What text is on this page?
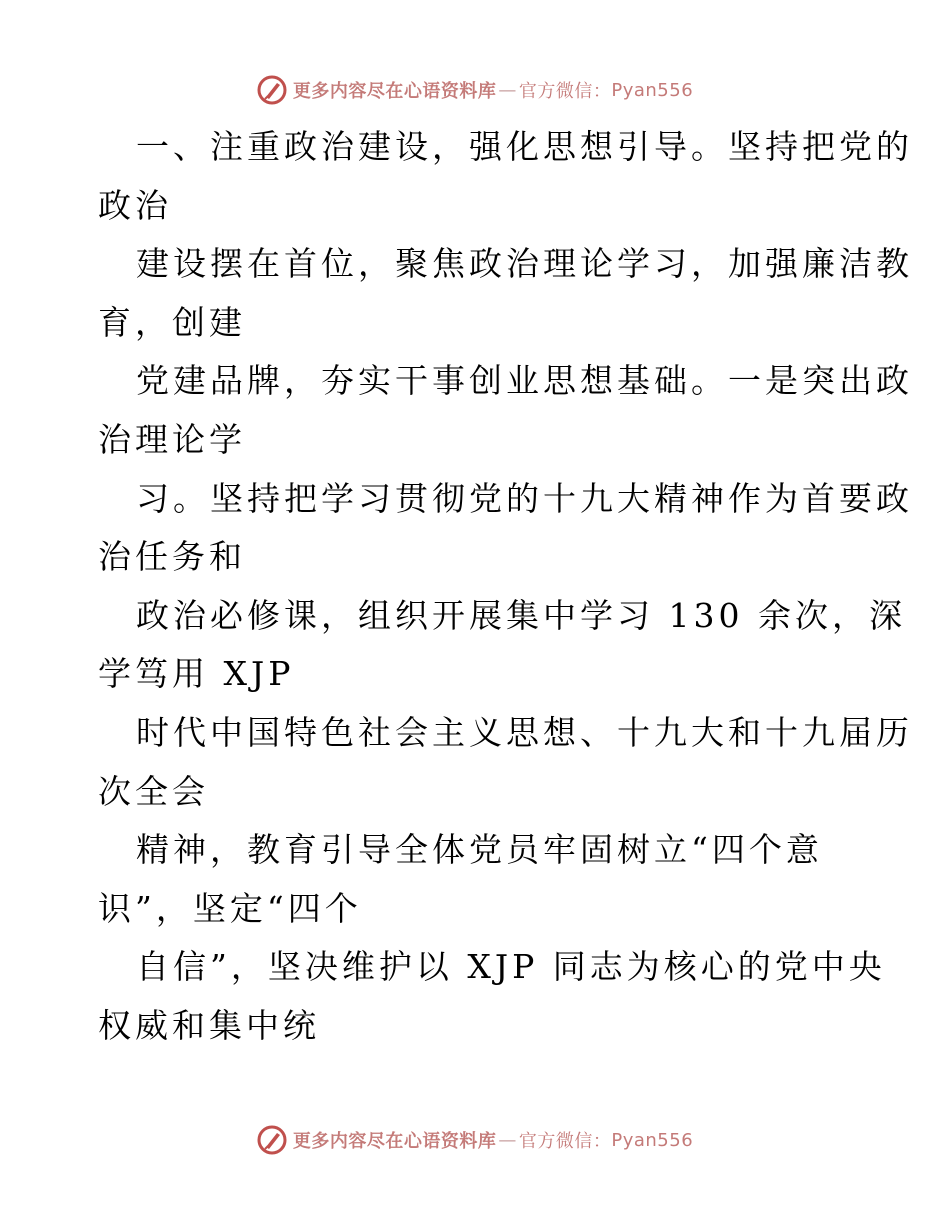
更多内容尽在心语资料库 — 官方微信： Pyan556
一、注重政治建设，强化思想引导。坚持把党的
政治
建设摆在首位，聚焦政治理论学习，加强廉洁教
育，创建
党建品牌，夯实干事创业思想基础。一是突出政
治理论学
习。坚持把学习贯彻党的十九大精神作为首要政
治任务和
政治必修课，组织开展集中学习 130 余次，深
学笃用 XJP
时代中国特色社会主义思想、十九大和十九届历
次全会
精神，教育引导全体党员牢固树立“四个意
识”，坚定“四个
自信”，坚决维护以 XJP 同志为核心的党中央
权威和集中统
更多内容尽在心语资料库 — 官方微信： Pyan556
